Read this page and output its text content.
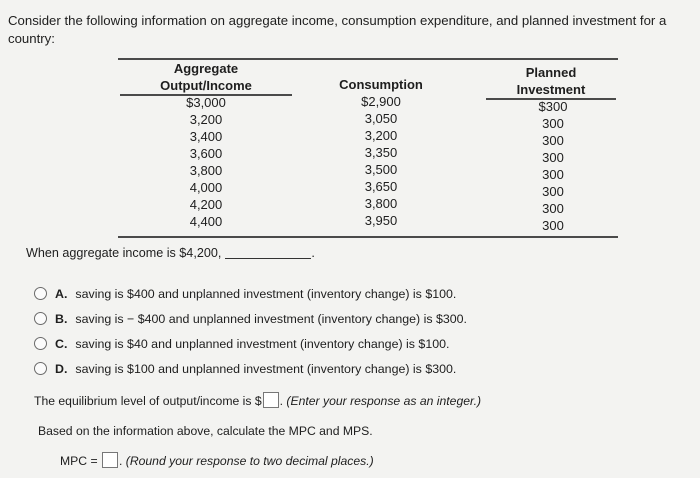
Consider the following information on aggregate income, consumption expenditure, and planned investment for a country:
Aggregate
Output/Income
$3,000
3,200
3,400
3,600
3,800
4,000
4,200
4,400
Consumption
$2,900
3,050
3,200
3,350
3,500
3,650
3,800
3,950
Planned
Investment
$300
300
300
300
300
300
300
300
When aggregate income is $4,200,	.
A. saving is $400 and unplanned investment (inventory change) is $100.
B. saving is − $400 and unplanned investment (inventory change) is $300.
C. saving is $40 and unplanned investment (inventory change) is $100.
D. saving is $100 and unplanned investment (inventory change) is $300.
The equilibrium level of output/income is $ . (Enter your response as an integer.)
Based on the information above, calculate the MPC and MPS.
MPC = . (Round your response to two decimal places.)
